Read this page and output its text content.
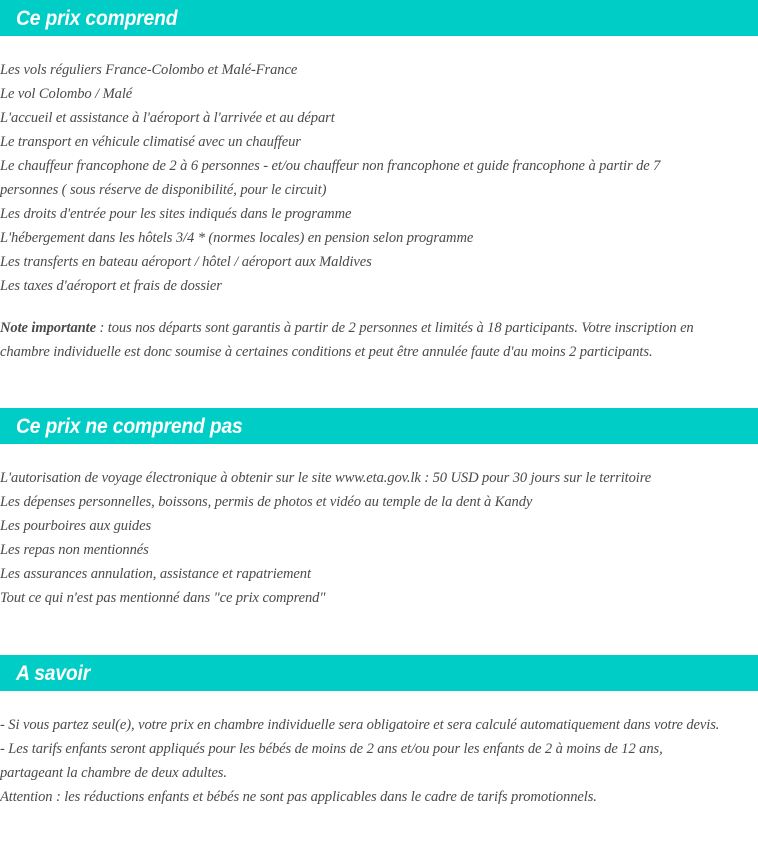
Ce prix comprend
Les vols réguliers France-Colombo et Malé-France
Le vol Colombo / Malé
L'accueil et assistance à l'aéroport à l'arrivée et au départ
Le transport en véhicule climatisé avec un chauffeur
Le chauffeur francophone de 2 à 6 personnes - et/ou chauffeur non francophone et guide francophone à partir de 7 personnes ( sous réserve de disponibilité, pour le circuit)
Les droits d'entrée pour les sites indiqués dans le programme
L'hébergement dans les hôtels 3/4 * (normes locales) en pension selon programme
Les transferts en bateau aéroport / hôtel / aéroport aux Maldives
Les taxes d'aéroport et frais de dossier
Note importante : tous nos départs sont garantis à partir de 2 personnes et limités à 18 participants. Votre inscription en chambre individuelle est donc soumise à certaines conditions et peut être annulée faute d'au moins 2 participants.
Ce prix ne comprend pas
L'autorisation de voyage électronique à obtenir sur le site www.eta.gov.lk : 50 USD pour 30 jours sur le territoire
Les dépenses personnelles, boissons, permis de photos et vidéo au temple de la dent à Kandy
Les pourboires aux guides
Les repas non mentionnés
Les assurances annulation, assistance et rapatriement
Tout ce qui n'est pas mentionné dans "ce prix comprend"
A savoir
- Si vous partez seul(e), votre prix en chambre individuelle sera obligatoire et sera calculé automatiquement dans votre devis.
- Les tarifs enfants seront appliqués pour les bébés de moins de 2 ans et/ou pour les enfants de 2 à moins de 12 ans, partageant la chambre de deux adultes.
Attention : les réductions enfants et bébés ne sont pas applicables dans le cadre de tarifs promotionnels.
